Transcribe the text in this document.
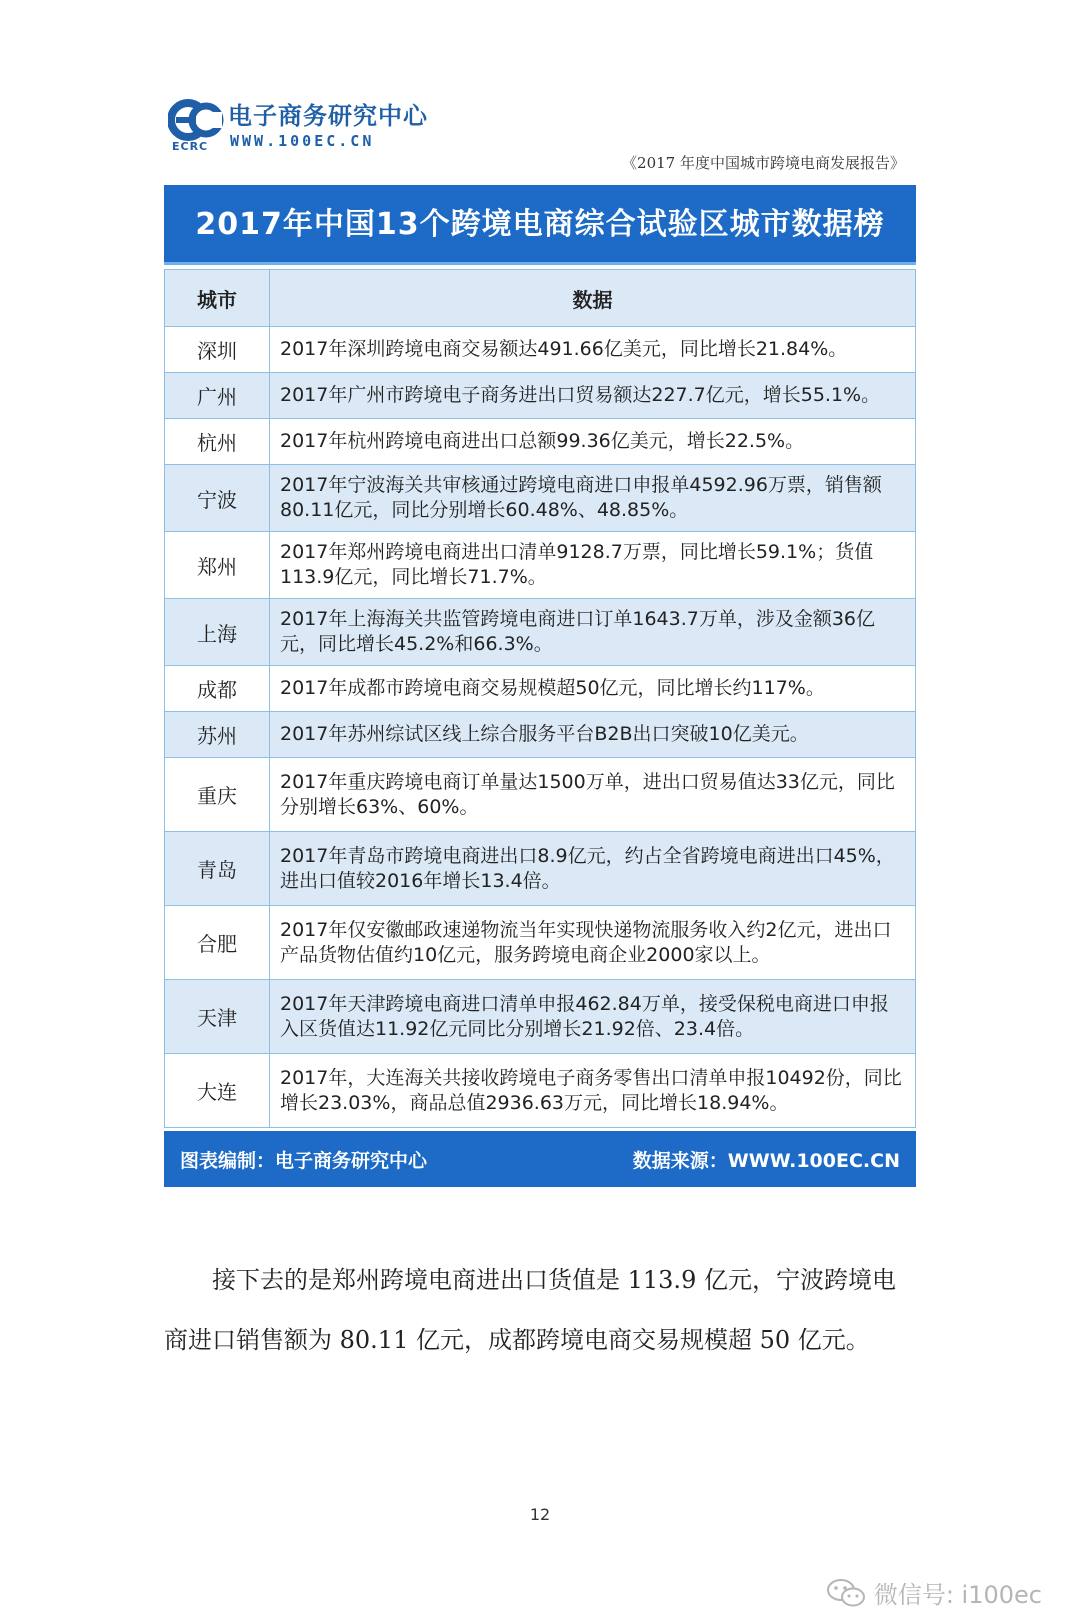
ECRC
电子商务研究中心
WWW.100EC.CN
《2017 年度中国城市跨境电商发展报告》
2017年中国13个跨境电商综合试验区城市数据榜
城市	数据
深圳	2017年深圳跨境电商交易额达491.66亿美元，同比增长21.84%。
广州	2017年广州市跨境电子商务进出口贸易额达227.7亿元，增长55.1%。
杭州	2017年杭州跨境电商进出口总额99.36亿美元，增长22.5%。
宁波	2017年宁波海关共审核通过跨境电商进口申报单4592.96万票，销售额80.11亿元，同比分别增长60.48%、48.85%。
郑州	2017年郑州跨境电商进出口清单9128.7万票，同比增长59.1%；货值113.9亿元，同比增长71.7%。
上海	2017年上海海关共监管跨境电商进口订单1643.7万单，涉及金额36亿元，同比增长45.2%和66.3%。
成都	2017年成都市跨境电商交易规模超50亿元，同比增长约117%。
苏州	2017年苏州综试区线上综合服务平台B2B出口突破10亿美元。
重庆	2017年重庆跨境电商订单量达1500万单，进出口贸易值达33亿元，同比分别增长63%、60%。
青岛	2017年青岛市跨境电商进出口8.9亿元，约占全省跨境电商进出口45%，进出口值较2016年增长13.4倍。
合肥	2017年仅安徽邮政速递物流当年实现快递物流服务收入约2亿元，进出口产品货物估值约10亿元，服务跨境电商企业2000家以上。
天津	2017年天津跨境电商进口清单申报462.84万单，接受保税电商进口申报入区货值达11.92亿元同比分别增长21.92倍、23.4倍。
大连	2017年，大连海关共接收跨境电子商务零售出口清单申报10492份，同比增长23.03%，商品总值2936.63万元，同比增长18.94%。
图表编制：电子商务研究中心	数据来源：WWW.100EC.CN
接下去的是郑州跨境电商进出口货值是 113.9 亿元，宁波跨境电商进口销售额为 80.11 亿元，成都跨境电商交易规模超 50 亿元。
12
微信号: i100ec
